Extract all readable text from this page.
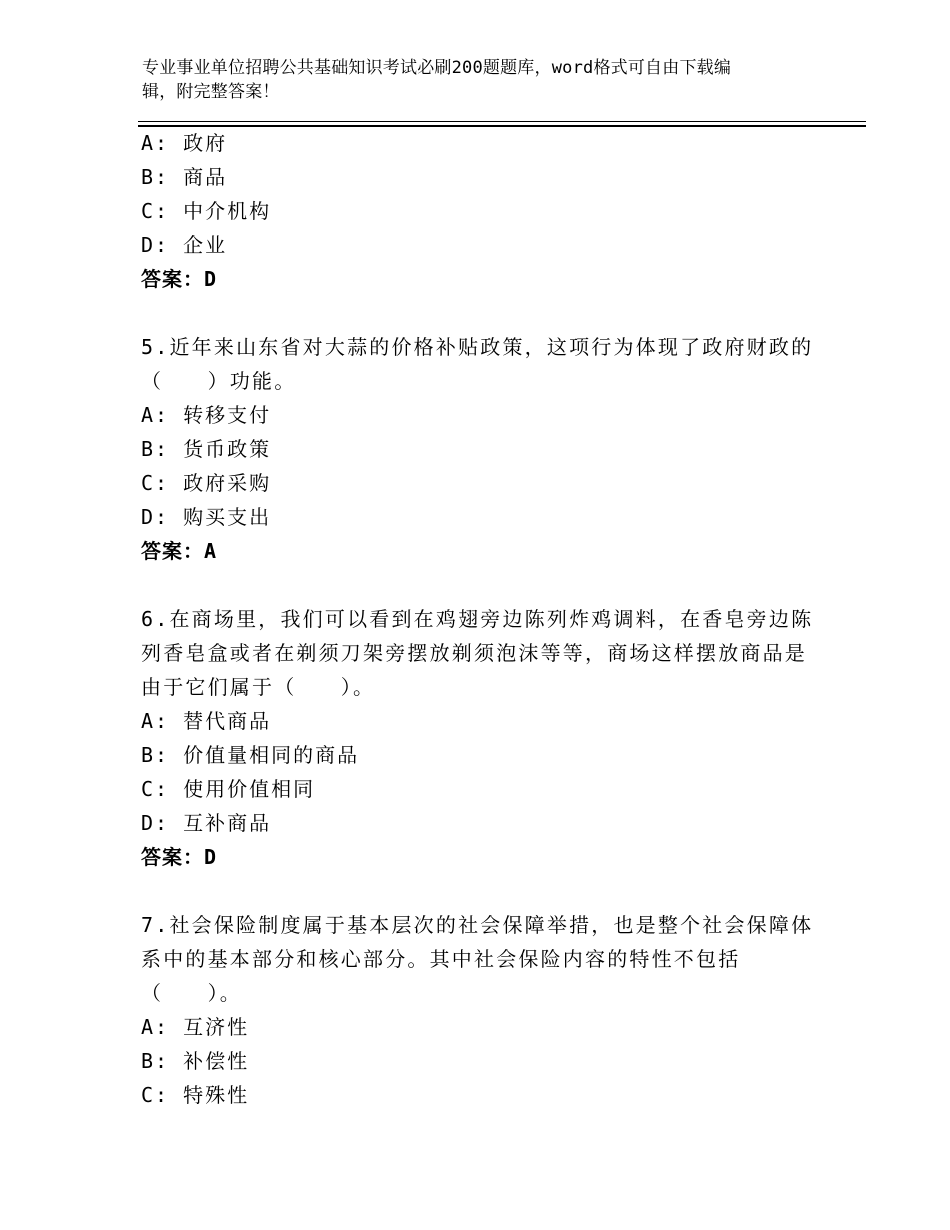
专业事业单位招聘公共基础知识考试必刷200题题库，word格式可自由下载编
辑，附完整答案！
A: 政府
B: 商品
C: 中介机构
D: 企业
答案：D
5.近年来山东省对大蒜的价格补贴政策，这项行为体现了政府财政的
（　　）功能。
A: 转移支付
B: 货币政策
C: 政府采购
D: 购买支出
答案：A
6.在商场里，我们可以看到在鸡翅旁边陈列炸鸡调料，在香皂旁边陈
列香皂盒或者在剃须刀架旁摆放剃须泡沫等等，商场这样摆放商品是
由于它们属于（　　）。
A: 替代商品
B: 价值量相同的商品
C: 使用价值相同
D: 互补商品
答案：D
7.社会保险制度属于基本层次的社会保障举措，也是整个社会保障体
系中的基本部分和核心部分。其中社会保险内容的特性不包括
（　　）。
A: 互济性
B: 补偿性
C: 特殊性
